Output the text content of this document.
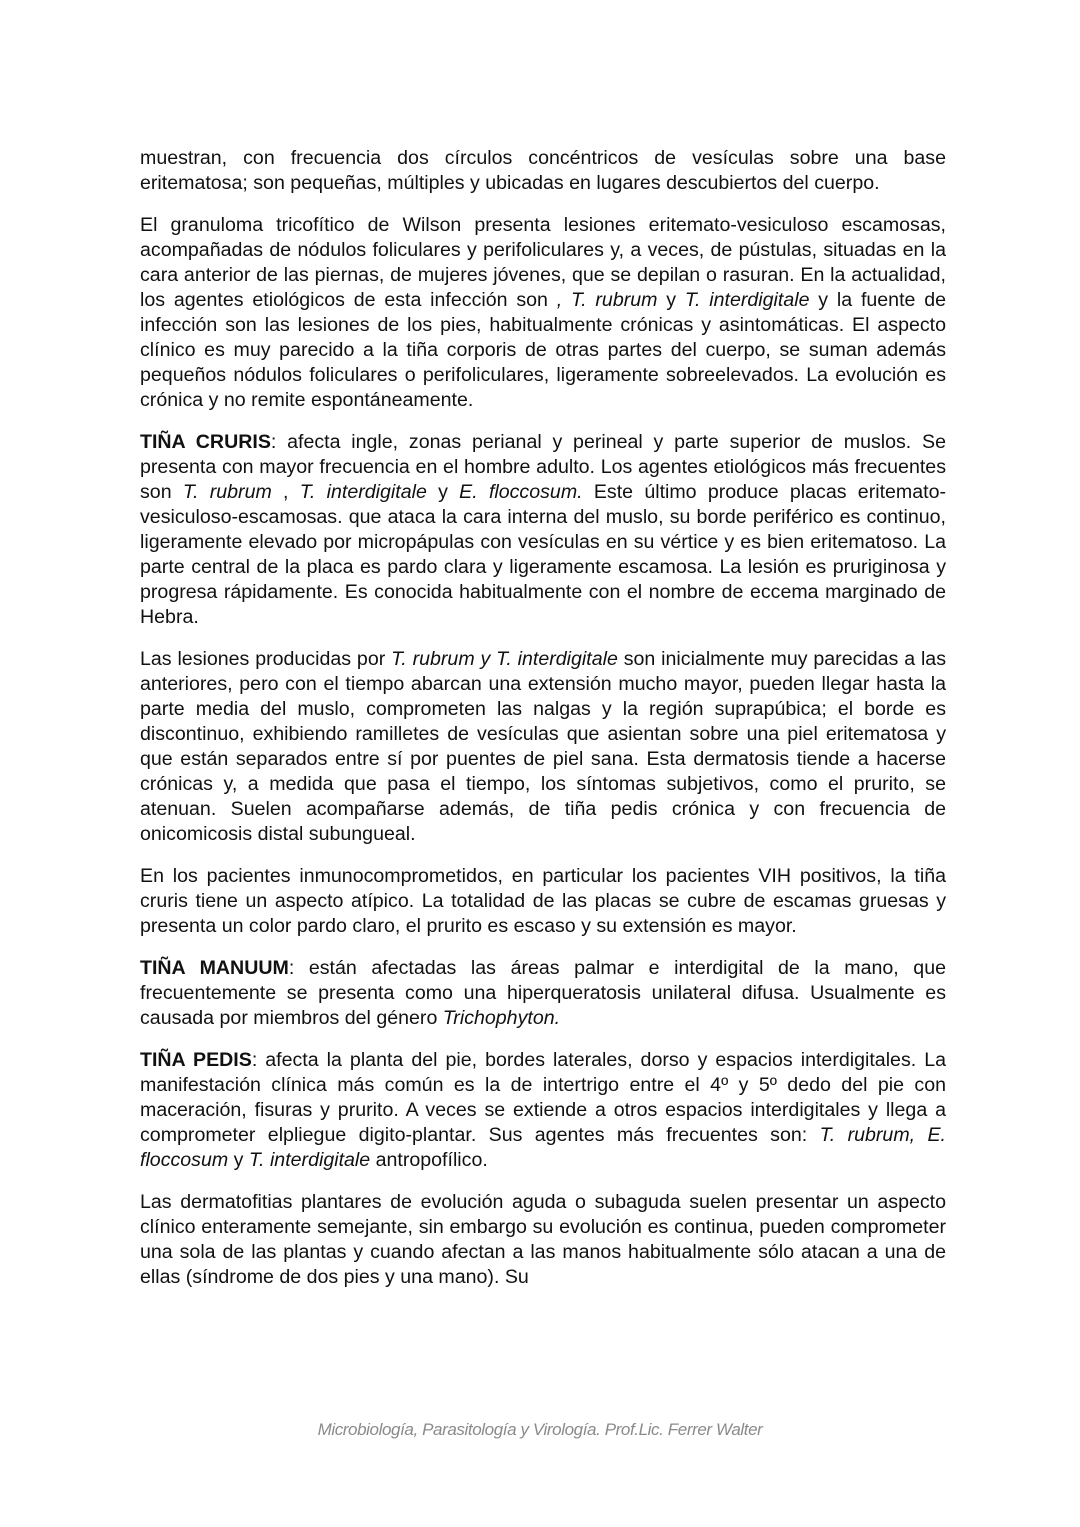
muestran, con frecuencia dos círculos concéntricos de vesículas sobre una base eritematosa; son pequeñas, múltiples y ubicadas en lugares descubiertos del cuerpo.

El granuloma tricofítico de Wilson presenta lesiones eritemato-vesiculoso escamosas, acompañadas de nódulos foliculares y perifoliculares y, a veces, de pústulas, situadas en la cara anterior de las piernas, de mujeres jóvenes, que se depilan o rasuran. En la actualidad, los agentes etiológicos de esta infección son , T. rubrum y T. interdigitale y la fuente de infección son las lesiones de los pies, habitualmente crónicas y asintomáticas. El aspecto clínico es muy parecido a la tiña corporis de otras partes del cuerpo, se suman además pequeños nódulos foliculares o perifoliculares, ligeramente sobreelevados. La evolución es crónica y no remite espontáneamente.

TIÑA CRURIS: afecta ingle, zonas perianal y perineal y parte superior de muslos. Se presenta con mayor frecuencia en el hombre adulto. Los agentes etiológicos más frecuentes son T. rubrum , T. interdigitale y E. floccosum. Este último produce placas eritemato-vesiculoso-escamosas. que ataca la cara interna del muslo, su borde periférico es continuo, ligeramente elevado por micropápulas con vesículas en su vértice y es bien eritematoso. La parte central de la placa es pardo clara y ligeramente escamosa. La lesión es pruriginosa y progresa rápidamente. Es conocida habitualmente con el nombre de eccema marginado de Hebra.

Las lesiones producidas por T. rubrum y T. interdigitale son inicialmente muy parecidas a las anteriores, pero con el tiempo abarcan una extensión mucho mayor, pueden llegar hasta la parte media del muslo, comprometen las nalgas y la región suprapúbica; el borde es discontinuo, exhibiendo ramilletes de vesículas que asientan sobre una piel eritematosa y que están separados entre sí por puentes de piel sana. Esta dermatosis tiende a hacerse crónicas y, a medida que pasa el tiempo, los síntomas subjetivos, como el prurito, se atenuan. Suelen acompañarse además, de tiña pedis crónica y con frecuencia de onicomicosis distal subungueal.

En los pacientes inmunocomprometidos, en particular los pacientes VIH positivos, la tiña cruris tiene un aspecto atípico. La totalidad de las placas se cubre de escamas gruesas y presenta un color pardo claro, el prurito es escaso y su extensión es mayor.

TIÑA MANUUM: están afectadas las áreas palmar e interdigital de la mano, que frecuentemente se presenta como una hiperqueratosis unilateral difusa. Usualmente es causada por miembros del género Trichophyton.

TIÑA PEDIS: afecta la planta del pie, bordes laterales, dorso y espacios interdigitales. La manifestación clínica más común es la de intertrigo entre el 4º y 5º dedo del pie con maceración, fisuras y prurito. A veces se extiende a otros espacios interdigitales y llega a comprometer elpliegue digito-plantar. Sus agentes más frecuentes son: T. rubrum, E. floccosum y T. interdigitale antropofílico.

Las dermatofitias plantares de evolución aguda o subaguda suelen presentar un aspecto clínico enteramente semejante, sin embargo su evolución es continua, pueden comprometer una sola de las plantas y cuando afectan a las manos habitualmente sólo atacan a una de ellas (síndrome de dos pies y una mano). Su

Microbiología, Parasitología y Virología. Prof.Lic. Ferrer Walter
